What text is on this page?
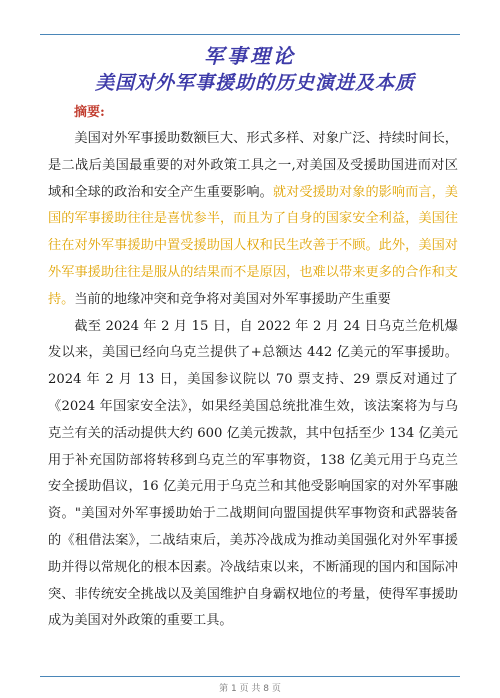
军事理论
美国对外军事援助的历史演进及本质
摘要:

美国对外军事援助数额巨大、形式多样、对象广泛、持续时间长，是二战后美国最重要的对外政策工具之一,对美国及受援助国进而对区域和全球的政治和安全产生重要影响。就对受援助对象的影响而言，美国的军事援助往往是喜忧参半，而且为了自身的国家安全利益，美国往往在对外军事援助中置受援助国人权和民生改善于不顾。此外，美国对外军事援助往往是服从的结果而不是原因，也难以带来更多的合作和支持。当前的地缘冲突和竞争将对美国对外军事援助产生重要

截至 2024 年 2 月 15 日，自 2022 年 2 月 24 日乌克兰危机爆发以来，美国已经向乌克兰提供了+总额达 442 亿美元的军事援助。2024 年 2 月 13 日，美国参议院以 70 票支持、29 票反对通过了《2024 年国家安全法》，如果经美国总统批准生效，该法案将为与乌克兰有关的活动提供大约 600 亿美元拨款，其中包括至少 134 亿美元用于补充国防部将转移到乌克兰的军事物资，138 亿美元用于乌克兰安全援助倡议，16 亿美元用于乌克兰和其他受影响国家的对外军事融资。"美国对外军事援助始于二战期间向盟国提供军事物资和武器装备的《租借法案》，二战结束后，美苏冷战成为推动美国强化对外军事援助并得以常规化的根本因素。冷战结束以来，不断涌现的国内和国际冲突、非传统安全挑战以及美国维护自身霸权地位的考量，使得军事援助成为美国对外政策的重要工具。

第 1 页 共 8 页
